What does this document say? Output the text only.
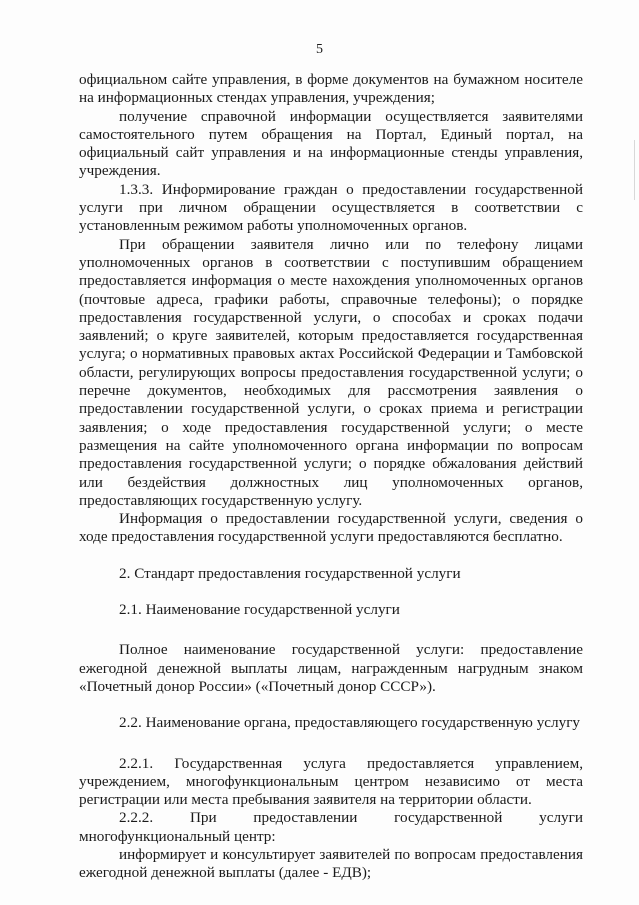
5

официальном сайте управления, в форме документов на бумажном носителе на информационных стендах управления, учреждения;

получение справочной информации осуществляется заявителями самостоятельного путем обращения на Портал, Единый портал, на официальный сайт управления и на информационные стенды управления, учреждения.

1.3.3. Информирование граждан о предоставлении государственной услуги при личном обращении осуществляется в соответствии с установленным режимом работы уполномоченных органов.

При обращении заявителя лично или по телефону лицами уполномоченных органов в соответствии с поступившим обращением предоставляется информация о месте нахождения уполномоченных органов (почтовые адреса, графики работы, справочные телефоны); о порядке предоставления государственной услуги, о способах и сроках подачи заявлений; о круге заявителей, которым предоставляется государственная услуга; о нормативных правовых актах Российской Федерации и Тамбовской области, регулирующих вопросы предоставления государственной услуги; о перечне документов, необходимых для рассмотрения заявления о предоставлении государственной услуги, о сроках приема и регистрации заявления; о ходе предоставления государственной услуги; о месте размещения на сайте уполномоченного органа информации по вопросам предоставления государственной услуги; о порядке обжалования действий или бездействия должностных лиц уполномоченных органов, предоставляющих государственную услугу.

Информация о предоставлении государственной услуги, сведения о ходе предоставления государственной услуги предоставляются бесплатно.

2. Стандарт предоставления государственной услуги

2.1. Наименование государственной услуги

Полное наименование государственной услуги: предоставление ежегодной денежной выплаты лицам, награжденным нагрудным знаком «Почетный донор России» («Почетный донор СССР»).

2.2. Наименование органа, предоставляющего государственную услугу

2.2.1. Государственная услуга предоставляется управлением, учреждением, многофункциональным центром независимо от места регистрации или места пребывания заявителя на территории области.

2.2.2. При предоставлении государственной услуги многофункциональный центр:

информирует и консультирует заявителей по вопросам предоставления ежегодной денежной выплаты (далее - ЕДВ);
